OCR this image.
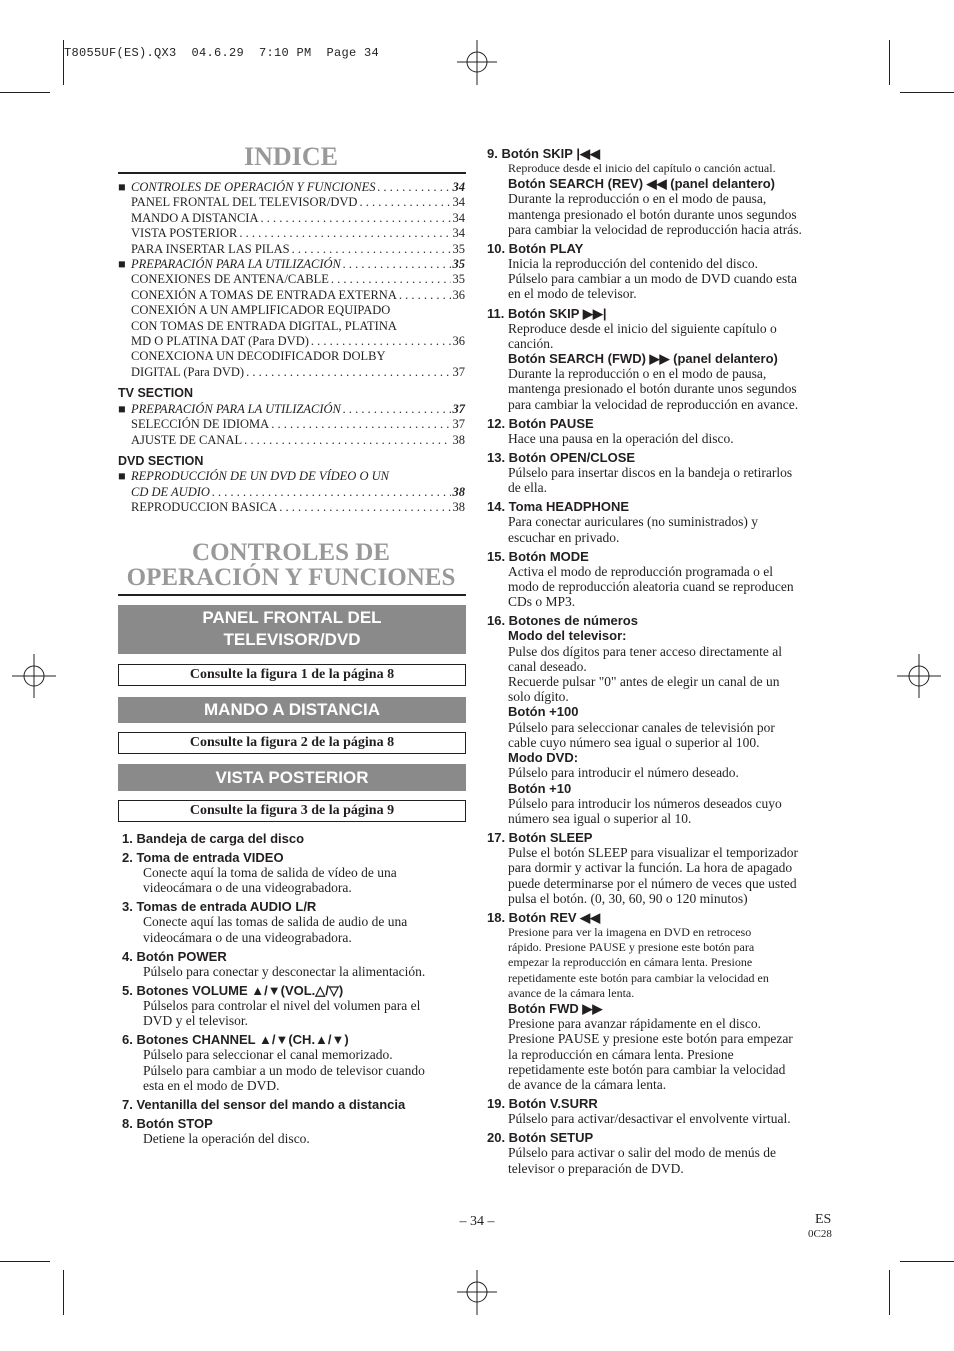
T8055UF(ES).QX3  04.6.29  7:10 PM  Page 34
INDICE
■ CONTROLES DE OPERACIÓN Y FUNCIONES . . .	34
PANEL FRONTAL DEL TELEVISOR/DVD . . .	34
MANDO A DISTANCIA . . .	34
VISTA POSTERIOR . . .	34
PARA INSERTAR LAS PILAS . . .	35
■ PREPARACIÓN PARA LA UTILIZACIÓN . . .	35
CONEXIONES DE ANTENA/CABLE . . .	35
CONEXIÓN A TOMAS DE ENTRADA EXTERNA . . .	36
CONEXIÓN A UN AMPLIFICADOR EQUIPADO
CON TOMAS DE ENTRADA DIGITAL, PLATINA
MD O PLATINA DAT (Para DVD) . . .	36
CONEXCIONA UN DECODIFICADOR DOLBY
DIGITAL (Para DVD) . . .	37
TV SECTION
■ PREPARACIÓN PARA LA UTILIZACIÓN . . .	37
SELECCIÓN DE IDIOMA . . .	37
AJUSTE DE CANAL . . .	38
DVD SECTION
■ REPRODUCCIÓN DE UN DVD DE VÍDEO O UN
CD DE AUDIO . . .	38
REPRODUCCION BASICA . . .	38
CONTROLES DE
OPERACIÓN Y FUNCIONES
PANEL FRONTAL DEL
TELEVISOR/DVD
Consulte la figura 1 de la página 8
MANDO A DISTANCIA
Consulte la figura 2 de la página 8
VISTA POSTERIOR
Consulte la figura 3 de la página 9
1. Bandeja de carga del disco
2. Toma de entrada VIDEO
Conecte aquí la toma de salida de vídeo de una
videocámara o de una videograbadora.
3. Tomas de entrada AUDIO L/R
Conecte aquí las tomas de salida de audio de una
videocámara o de una videograbadora.
4. Botón POWER
Púlselo para conectar y desconectar la alimentación.
5. Botones VOLUME ▲/▼(VOL.△/▽)
Púlselos para controlar el nivel del volumen para el
DVD y el televisor.
6. Botones CHANNEL ▲/▼(CH.▲/▼)
Púlselo para seleccionar el canal memorizado.
Púlselo para cambiar a un modo de televisor cuando
esta en el modo de DVD.
7. Ventanilla del sensor del mando a distancia
8. Botón STOP
Detiene la operación del disco.
9. Botón SKIP |◀◀
Reproduce desde el inicio del capítulo o canción actual.
Botón SEARCH (REV) ◀◀ (panel delantero)
Durante la reproducción o en el modo de pausa,
mantenga presionado el botón durante unos segundos
para cambiar la velocidad de reproducción hacia atrás.
10. Botón PLAY
Inicia la reproducción del contenido del disco.
Púlselo para cambiar a un modo de DVD cuando esta
en el modo de televisor.
11. Botón SKIP ▶▶|
Reproduce desde el inicio del siguiente capítulo o
canción.
Botón SEARCH (FWD) ▶▶ (panel delantero)
Durante la reproducción o en el modo de pausa,
mantenga presionado el botón durante unos segundos
para cambiar la velocidad de reproducción en avance.
12. Botón PAUSE
Hace una pausa en la operación del disco.
13. Botón OPEN/CLOSE
Púlselo para insertar discos en la bandeja o retirarlos
de ella.
14. Toma HEADPHONE
Para conectar auriculares (no suministrados) y
escuchar en privado.
15. Botón MODE
Activa el modo de reproducción programada o el
modo de reproducción aleatoria cuand se reproducen
CDs o MP3.
16. Botones de números
Modo del televisor:
Pulse dos dígitos para tener acceso directamente al
canal deseado.
Recuerde pulsar "0" antes de elegir un canal de un
solo dígito.
Botón +100
Púlselo para seleccionar canales de televisión por
cable cuyo número sea igual o superior al 100.
Modo DVD:
Púlselo para introducir el número deseado.
Botón +10
Púlselo para introducir los números deseados cuyo
número sea igual o superior al 10.
17. Botón SLEEP
Pulse el botón SLEEP para visualizar el temporizador
para dormir y activar la función. La hora de apagado
puede determinarse por el número de veces que usted
pulsa el botón. (0, 30, 60, 90 o 120 minutos)
18. Botón REV ◀◀
Presione para ver la imagena en DVD en retroceso
rápido. Presione PAUSE y presione este botón para
empezar la reproducción en cámara lenta. Presione
repetidamente este botón para cambiar la velocidad en
avance de la cámara lenta.
Botón FWD ▶▶
Presione para avanzar rápidamente en el disco.
Presione PAUSE y presione este botón para empezar
la reproducción en cámara lenta. Presione
repetidamente este botón para cambiar la velocidad
de avance de la cámara lenta.
19. Botón V.SURR
Púlselo para activar/desactivar el envolvente virtual.
20. Botón SETUP
Púlselo para activar o salir del modo de menús de
televisor o preparación de DVD.
– 34 –	ES
0C28
